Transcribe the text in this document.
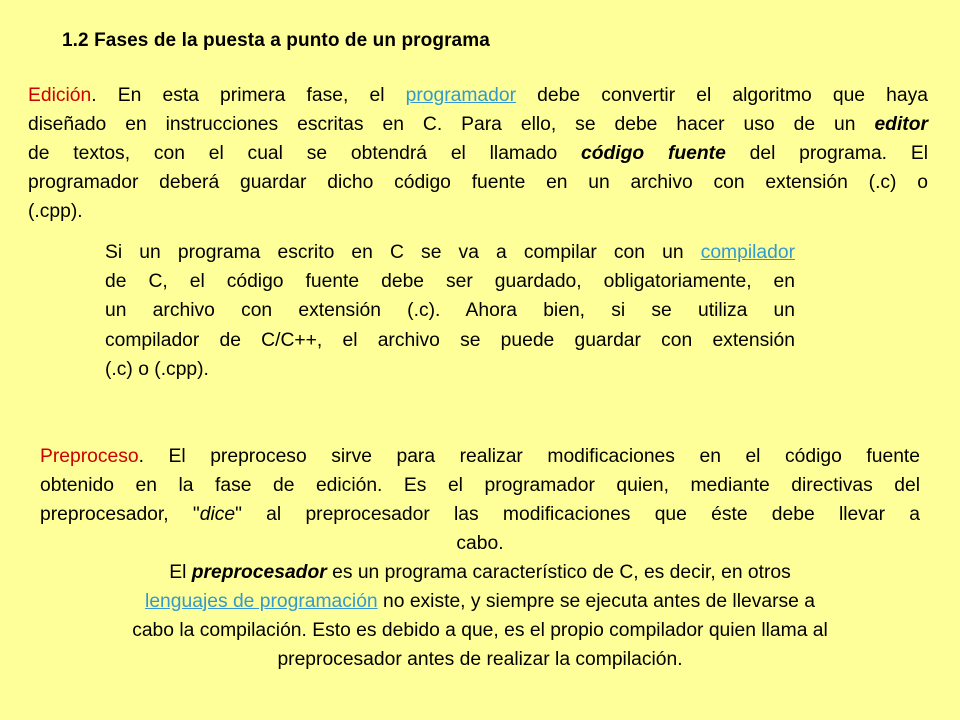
1.2 Fases de la puesta a punto de un programa
Edición. En esta primera fase, el programador debe convertir el algoritmo que haya
diseñado en instrucciones escritas en C. Para ello, se debe hacer uso de un editor
de textos, con el cual se obtendrá el llamado código fuente del programa. El
programador deberá guardar dicho código fuente en un archivo con extensión (.c) o
(.cpp).
Si un programa escrito en C se va a compilar con un compilador
de C, el código fuente debe ser guardado, obligatoriamente, en
un archivo con extensión (.c). Ahora bien, si se utiliza un
compilador de C/C++, el archivo se puede guardar con extensión
(.c) o (.cpp).
Preproceso. El preproceso sirve para realizar modificaciones en el código fuente
obtenido en la fase de edición. Es el programador quien, mediante directivas del
preprocesador, "dice" al preprocesador las modificaciones que éste debe llevar a
cabo.
El preprocesador es un programa característico de C, es decir, en otros
lenguajes de programación no existe, y siempre se ejecuta antes de llevarse a
cabo la compilación. Esto es debido a que, es el propio compilador quien llama al
preprocesador antes de realizar la compilación.
